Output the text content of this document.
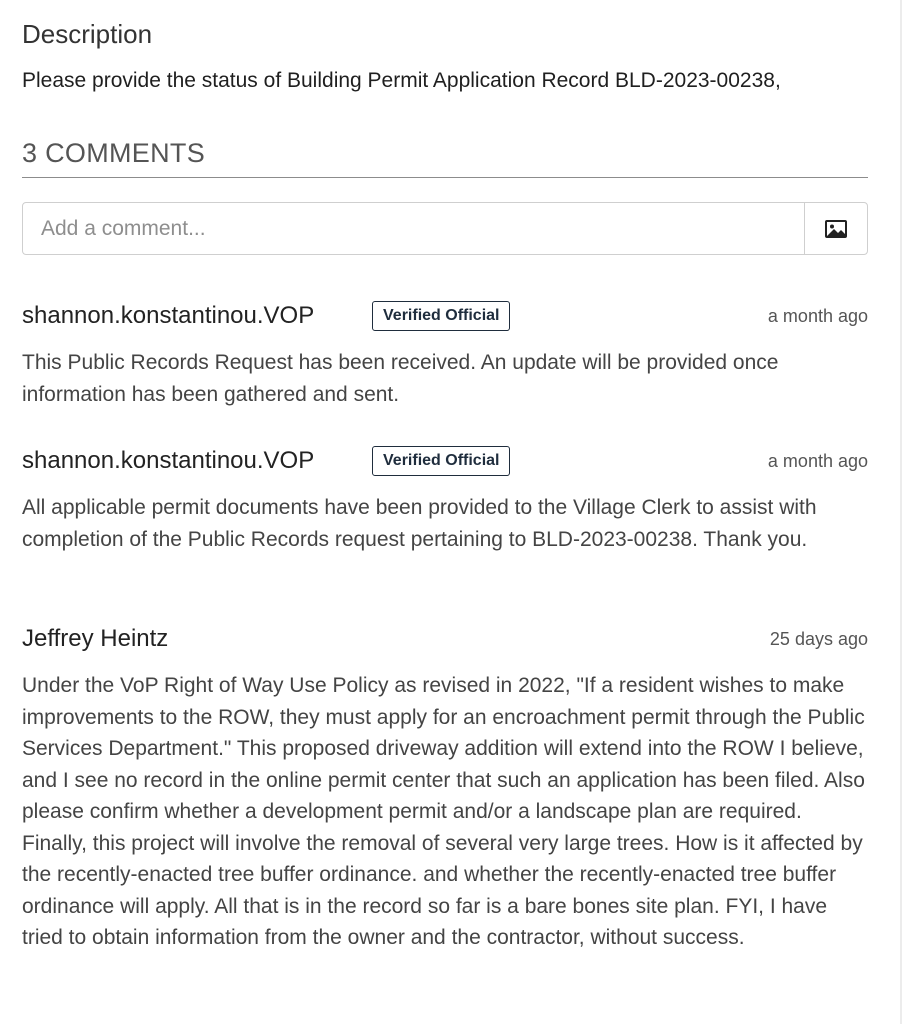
Description
Please provide the status of Building Permit Application Record BLD-2023-00238,
3 COMMENTS
Add a comment...
shannon.konstantinou.VOP	Verified Official	a month ago
This Public Records Request has been received. An update will be provided once information has been gathered and sent.
shannon.konstantinou.VOP	Verified Official	a month ago
All applicable permit documents have been provided to the Village Clerk to assist with completion of the Public Records request pertaining to BLD-2023-00238. Thank you.
Jeffrey Heintz	25 days ago
Under the VoP Right of Way Use Policy as revised in 2022, "If a resident wishes to make improvements to the ROW, they must apply for an encroachment permit through the Public Services Department." This proposed driveway addition will extend into the ROW I believe, and I see no record in the online permit center that such an application has been filed. Also please confirm whether a development permit and/or a landscape plan are required. Finally, this project will involve the removal of several very large trees. How is it affected by the recently-enacted tree buffer ordinance. and whether the recently-enacted tree buffer ordinance will apply. All that is in the record so far is a bare bones site plan. FYI, I have tried to obtain information from the owner and the contractor, without success.
